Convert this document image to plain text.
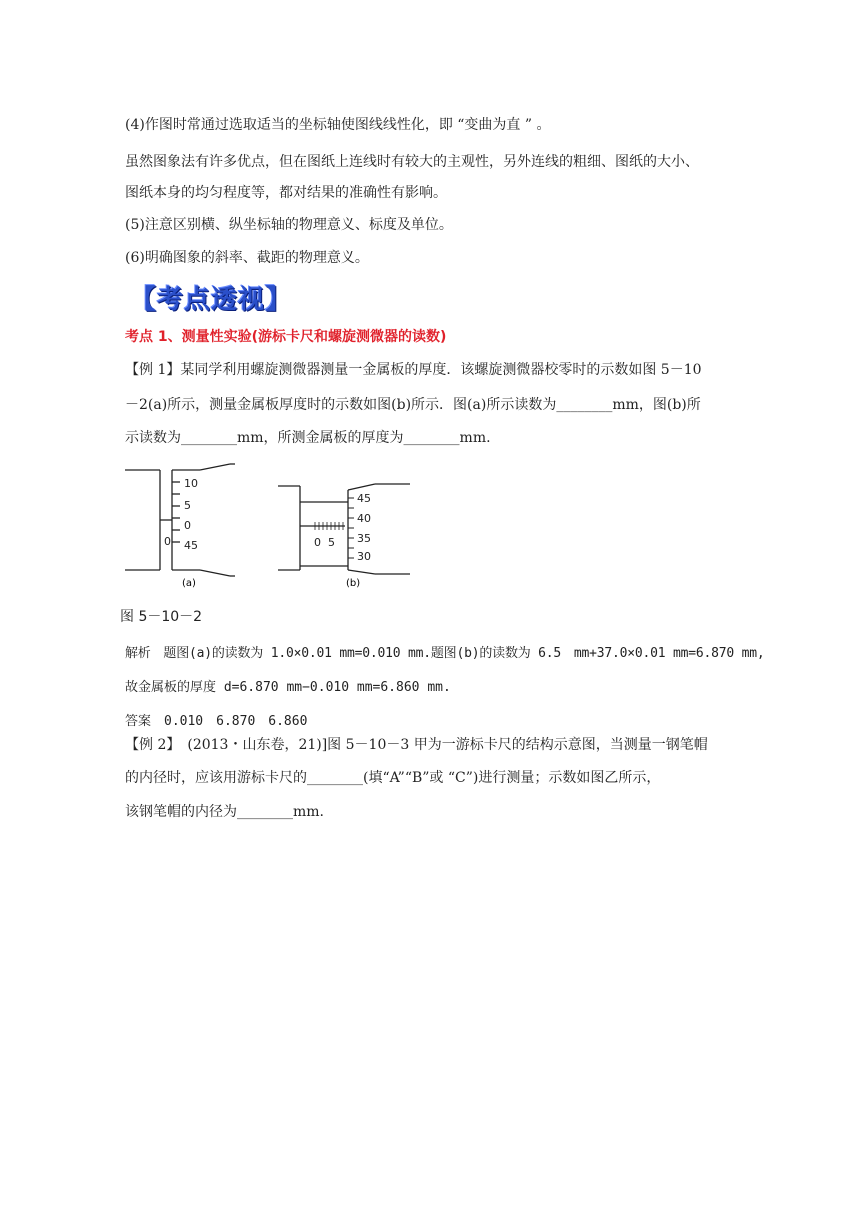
(4)作图时常通过选取适当的坐标轴使图线线性化，即 “变曲为直 ” 。
虽然图象法有许多优点，但在图纸上连线时有较大的主观性，另外连线的粗细、图纸的大小、
图纸本身的均匀程度等，都对结果的准确性有影响。
(5)注意区别横、纵坐标轴的物理意义、标度及单位。
(6)明确图象的斜率、截距的物理意义。
【考点透视】
考点 1、测量性实验(游标卡尺和螺旋测微器的读数)
【例 1】某同学利用螺旋测微器测量一金属板的厚度．该螺旋测微器校零时的示数如图 5－10
－2(a)所示，测量金属板厚度时的示数如图(b)所示．图(a)所示读数为________mm，图(b)所
示读数为________mm，所测金属板的厚度为________mm.
10
5
0
45
0
(a)
45
40
35
30
0  5
(b)
图 5－10－2
解析　题图(a)的读数为 1.0×0.01 mm=0.010 mm.题图(b)的读数为 6.5　mm+37.0×0.01 mm=6.870 mm,
故金属板的厚度 d=6.870 mm−0.010 mm=6.860 mm.
答案　0.010　6.870　6.860
【例 2】　(2013・山东卷，21)]图 5－10－3 甲为一游标卡尺的结构示意图，当测量一钢笔帽
的内径时，应该用游标卡尺的________(填“A”“B”或 “C”)进行测量；示数如图乙所示，
该钢笔帽的内径为________mm.
